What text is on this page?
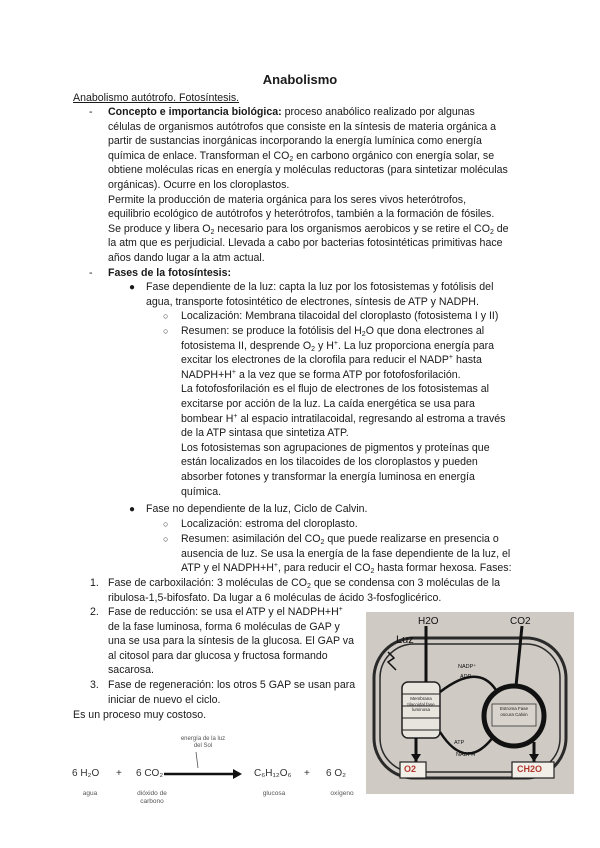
Anabolismo
Anabolismo autótrofo. Fotosíntesis.
- Concepto e importancia biológica: proceso anabólico realizado por algunas
células de organismos autótrofos que consiste en la síntesis de materia orgánica a
partir de sustancias inorgánicas incorporando la energía lumínica como energía
química de enlace. Transforman el $CO_2$ en carbono orgánico con energía solar, se
obtiene moléculas ricas en energía y moléculas reductoras (para sintetizar moléculas
orgánicas). Ocurre en los cloroplastos.
Permite la producción de materia orgánica para los seres vivos heterótrofos,
equilibrio ecológico de autótrofos y heterótrofos, también a la formación de fósiles.
Se produce y libera $O_2$ necesario para los organismos aerobicos y se retire el $CO_2$ de
la atm que es perjudicial. Llevada a cabo por bacterias fotosintéticas primitivas hace
años dando lugar a la atm actual.

- Fases de la fotosíntesis:

● Fase dependiente de la luz: capta la luz por los fotosistemas y fotólisis del
agua, transporte fotosintético de electrones, síntesis de ATP y NADPH.

○ Localización: Membrana tilacoidal del cloroplasto (fotosistema I y II)

○ Resumen: se produce la fotólisis del $H_2O$ que dona electrones al
fotosistema II, desprende $O_2$ y H+. La luz proporciona energía para
excitar los electrones de la clorofila para reducir el NADP+ hasta
NADPH+H+ a la vez que se forma ATP por fotofosforilación.
La fotofosforilación es el flujo de electrones de los fotosistemas al
excitarse por acción de la luz. La caída energética se usa para
bombear H+ al espacio intratilacoidal, regresando al estroma a través
de la ATP sintasa que sintetiza ATP.
Los fotosistemas son agrupaciones de pigmentos y proteínas que
están localizados en los tilacoides de los cloroplastos y pueden
absorber fotones y transformar la energía luminosa en energía
química.

● Fase no dependiente de la luz, Ciclo de Calvin.

○ Localización: estroma del cloroplasto.

○ Resumen: asimilación del $CO_2$ que puede realizarse en presencia o
ausencia de luz. Se usa la energía de la fase dependiente de la luz, el
ATP y el NADPH+H+, para reducir el $CO_2$ hasta formar hexosa. Fases:

1. Fase de carboxilación: 3 moléculas de $CO_2$ que se condensa con 3 moléculas de la
ribulosa-1,5-bifosfato. Da lugar a 6 moléculas de ácido 3-fosfoglicérico.

2. Fase de reducción: se usa el ATP y el NADPH+H+
de la fase luminosa, forma 6 moléculas de GAP y
una se usa para la síntesis de la glucosa. El GAP va
al citosol para dar glucosa y fructosa formando
sacarosa.

3. Fase de regeneración: los otros 5 GAP se usan para
iniciar de nuevo el ciclo.

Es un proceso muy costoso.

Luz
H2O	CO2
O2	CH2O
NADP⁺
ADP
ATP
NADPH
Membrana tilacoidal fase luminosa	Estroma Fase oscura Calvin
energía de la luz del Sol
6 H₂O + 6 CO₂	C₆H₁₂O₆ + 6 O₂
agua	dióxido de carbono
glucosa	oxígeno
